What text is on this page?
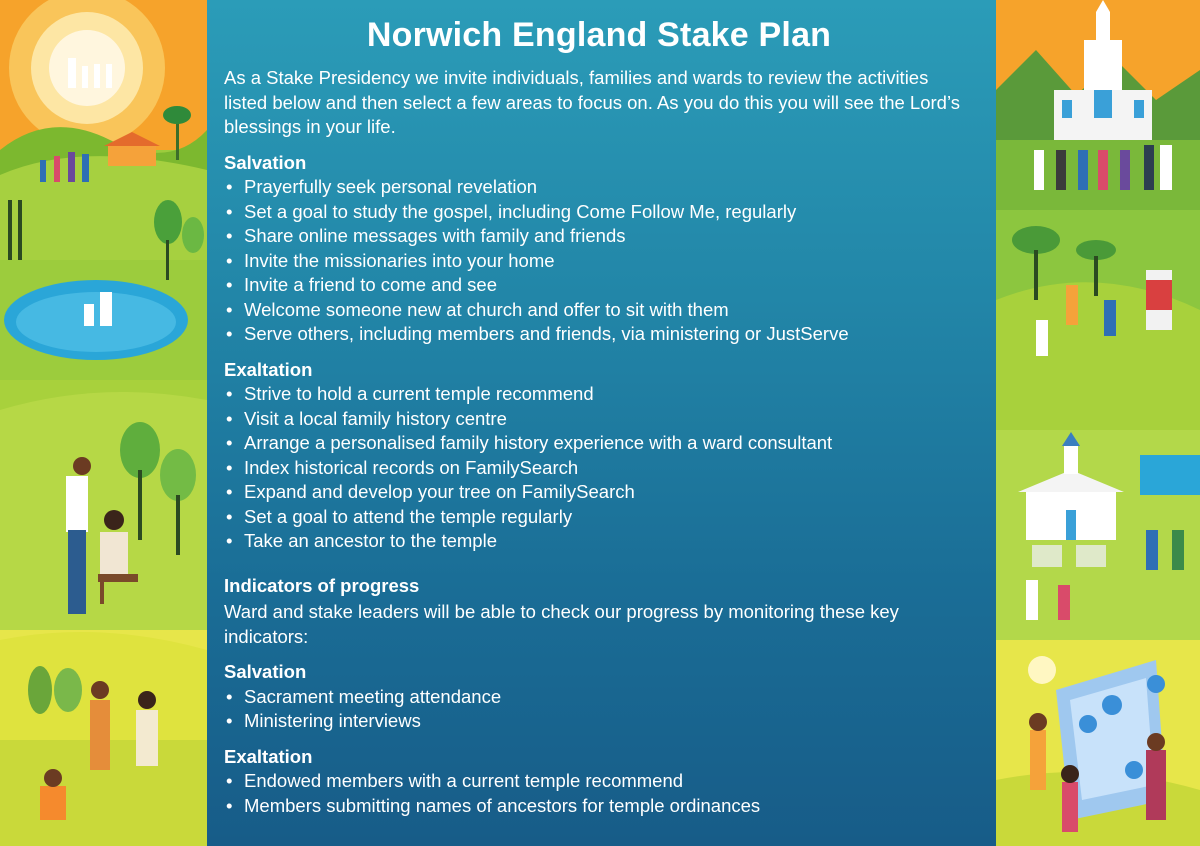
Norwich England Stake Plan

As a Stake Presidency we invite individuals, families and wards to review the activities listed below and then select a few areas to focus on. As you do this you will see the Lord’s blessings in your life.

Salvation
• Prayerfully seek personal revelation
• Set a goal to study the gospel, including Come Follow Me, regularly
• Share online messages with family and friends
• Invite the missionaries into your home
• Invite a friend to come and see
• Welcome someone new at church and offer to sit with them
• Serve others, including members and friends, via ministering or JustServe
Exaltation
• Strive to hold a current temple recommend
• Visit a local family history centre
• Arrange a personalised family history experience with a ward consultant
• Index historical records on FamilySearch
• Expand and develop your tree on FamilySearch
• Set a goal to attend the temple regularly
• Take an ancestor to the temple
Indicators of progress

Ward and stake leaders will be able to check our progress by monitoring these key indicators:

Salvation
• Sacrament meeting attendance
• Ministering interviews
Exaltation
• Endowed members with a current temple recommend
• Members submitting names of ancestors for temple ordinances
